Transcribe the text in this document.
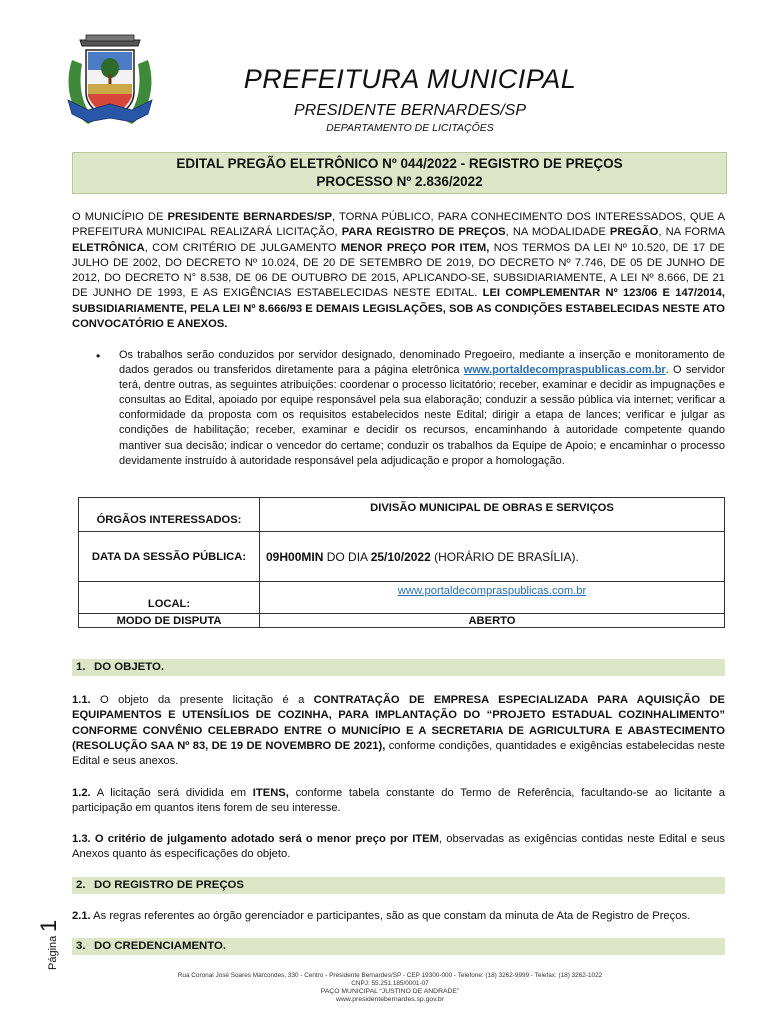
PREFEITURA MUNICIPAL
PRESIDENTE BERNARDES/SP
DEPARTAMENTO DE LICITAÇÕES
EDITAL PREGÃO ELETRÔNICO Nº 044/2022 - REGISTRO DE PREÇOS
PROCESSO Nº 2.836/2022
O MUNICÍPIO DE PRESIDENTE BERNARDES/SP, TORNA PÚBLICO, PARA CONHECIMENTO DOS INTERESSADOS, QUE A PREFEITURA MUNICIPAL REALIZARÁ LICITAÇÃO, PARA REGISTRO DE PREÇOS, NA MODALIDADE PREGÃO, NA FORMA ELETRÔNICA, COM CRITÉRIO DE JULGAMENTO MENOR PREÇO POR ITEM, NOS TERMOS DA LEI Nº 10.520, DE 17 DE JULHO DE 2002, DO DECRETO Nº 10.024, DE 20 DE SETEMBRO DE 2019, DO DECRETO Nº 7.746, DE 05 DE JUNHO DE 2012, DO DECRETO N° 8.538, DE 06 DE OUTUBRO DE 2015, APLICANDO-SE, SUBSIDIARIAMENTE, A LEI Nº 8.666, DE 21 DE JUNHO DE 1993, E AS EXIGÊNCIAS ESTABELECIDAS NESTE EDITAL. LEI COMPLEMENTAR Nº 123/06 E 147/2014, SUBSIDIARIAMENTE, PELA LEI Nº 8.666/93 E DEMAIS LEGISLAÇÕES, SOB AS CONDIÇÕES ESTABELECIDAS NESTE ATO CONVOCATÓRIO E ANEXOS.
• Os trabalhos serão conduzidos por servidor designado, denominado Pregoeiro, mediante a inserção e monitoramento de dados gerados ou transferidos diretamente para a página eletrônica www.portaldecompraspublicas.com.br. O servidor terá, dentre outras, as seguintes atribuições: coordenar o processo licitatório; receber, examinar e decidir as impugnações e consultas ao Edital, apoiado por equipe responsável pela sua elaboração; conduzir a sessão pública via internet; verificar a conformidade da proposta com os requisitos estabelecidos neste Edital; dirigir a etapa de lances; verificar e julgar as condições de habilitação; receber, examinar e decidir os recursos, encaminhando à autoridade competente quando mantiver sua decisão; indicar o vencedor do certame; conduzir os trabalhos da Equipe de Apoio; e encaminhar o processo devidamente instruído à autoridade responsável pela adjudicação e propor a homologação.
ÓRGÃOS INTERESSADOS:	DIVISÃO MUNICIPAL DE OBRAS E SERVIÇOS
DATA DA SESSÃO PÚBLICA:	09H00MIN DO DIA 25/10/2022 (HORÁRIO DE BRASÍLIA).
LOCAL:	www.portaldecompraspublicas.com.br
MODO DE DISPUTA	ABERTO
1. DO OBJETO.
1.1. O objeto da presente licitação é a CONTRATAÇÃO DE EMPRESA ESPECIALIZADA PARA AQUISIÇÃO DE EQUIPAMENTOS E UTENSÍLIOS DE COZINHA, PARA IMPLANTAÇÃO DO “PROJETO ESTADUAL COZINHALIMENTO” CONFORME CONVÊNIO CELEBRADO ENTRE O MUNICÍPIO E A SECRETARIA DE AGRICULTURA E ABASTECIMENTO (RESOLUÇÃO SAA Nº 83, DE 19 DE NOVEMBRO DE 2021), conforme condições, quantidades e exigências estabelecidas neste Edital e seus anexos.
1.2. A licitação será dividida em ITENS, conforme tabela constante do Termo de Referência, facultando-se ao licitante a participação em quantos itens forem de seu interesse.
1.3. O critério de julgamento adotado será o menor preço por ITEM, observadas as exigências contidas neste Edital e seus Anexos quanto às especificações do objeto.
2. DO REGISTRO DE PREÇOS
2.1. As regras referentes ao órgão gerenciador e participantes, são as que constam da minuta de Ata de Registro de Preços.
3. DO CREDENCIAMENTO.
Página
1
Rua Coronal José Soares Marcondes, 330 - Centro - Presidente Bernardes/SP - CEP 19300-000 - Telefone: (18) 3262-9999 - Telefax: (18) 3262-1022
CNPJ: 55.251.185/0001-07
PAÇO MUNICIPAL “JUSTINO DE ANDRADE”
www.presidentebernardes.sp.gov.br
